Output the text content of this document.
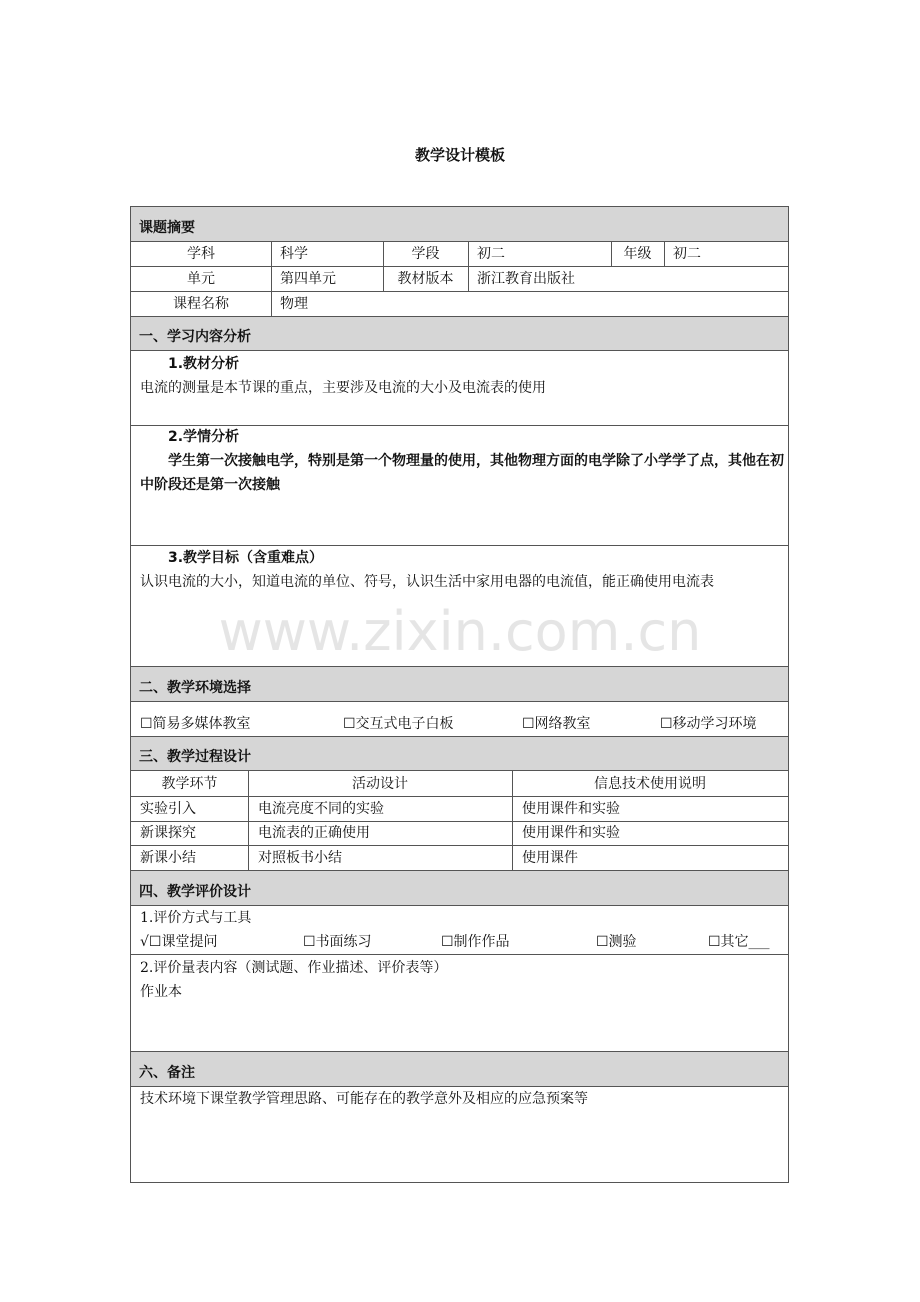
教学设计模板
课题摘要
学科	科学	学段	初二	年级	初二
单元	第四单元	教材版本	浙江教育出版社
课程名称	物理
一、学习内容分析
1.教材分析
电流的测量是本节课的重点，主要涉及电流的大小及电流表的使用
2.学情分析
学生第一次接触电学，特别是第一个物理量的使用，其他物理方面的电学除了小学学了点，其他在初中阶段还是第一次接触
3.教学目标（含重难点）
认识电流的大小，知道电流的单位、符号，认识生活中家用电器的电流值，能正确使用电流表
二、教学环境选择
☐简易多媒体教室	☐交互式电子白板	☐网络教室	☐移动学习环境
三、教学过程设计
教学环节	活动设计	信息技术使用说明
实验引入	电流亮度不同的实验	使用课件和实验
新课探究	电流表的正确使用	使用课件和实验
新课小结	对照板书小结	使用课件
四、教学评价设计
1.评价方式与工具
√☐课堂提问	☐书面练习	☐制作作品	☐测验	☐其它___
2.评价量表内容（测试题、作业描述、评价表等）
作业本
六、备注
技术环境下课堂教学管理思路、可能存在的教学意外及相应的应急预案等
www.zixin.com.cn
